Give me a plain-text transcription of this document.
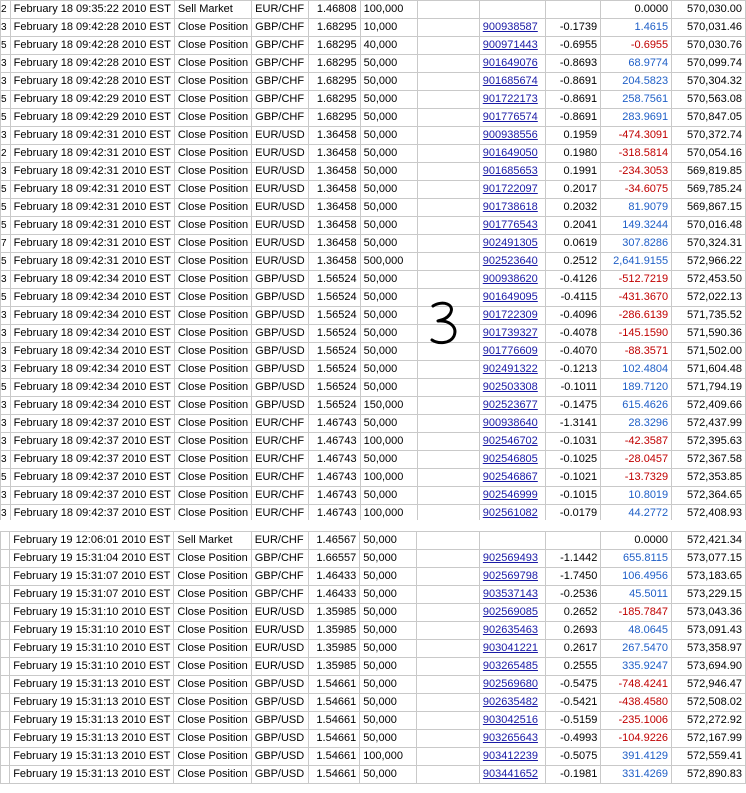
2	February 18 09:35:22 2010 EST	Sell Market	EUR/CHF	1.46808	100,000				0.0000	570,030.00
3	February 18 09:42:28 2010 EST	Close Position	GBP/CHF	1.68295	10,000		900938587	-0.1739	1.4615	570,031.46
5	February 18 09:42:28 2010 EST	Close Position	GBP/CHF	1.68295	40,000		900971443	-0.6955	-0.6955	570,030.76
3	February 18 09:42:28 2010 EST	Close Position	GBP/CHF	1.68295	50,000		901649076	-0.8693	68.9774	570,099.74
3	February 18 09:42:28 2010 EST	Close Position	GBP/CHF	1.68295	50,000		901685674	-0.8691	204.5823	570,304.32
5	February 18 09:42:29 2010 EST	Close Position	GBP/CHF	1.68295	50,000		901722173	-0.8691	258.7561	570,563.08
5	February 18 09:42:29 2010 EST	Close Position	GBP/CHF	1.68295	50,000		901776574	-0.8691	283.9691	570,847.05
3	February 18 09:42:31 2010 EST	Close Position	EUR/USD	1.36458	50,000		900938556	0.1959	-474.3091	570,372.74
2	February 18 09:42:31 2010 EST	Close Position	EUR/USD	1.36458	50,000		901649050	0.1980	-318.5814	570,054.16
3	February 18 09:42:31 2010 EST	Close Position	EUR/USD	1.36458	50,000		901685653	0.1991	-234.3053	569,819.85
5	February 18 09:42:31 2010 EST	Close Position	EUR/USD	1.36458	50,000		901722097	0.2017	-34.6075	569,785.24
5	February 18 09:42:31 2010 EST	Close Position	EUR/USD	1.36458	50,000		901738618	0.2032	81.9079	569,867.15
5	February 18 09:42:31 2010 EST	Close Position	EUR/USD	1.36458	50,000		901776543	0.2041	149.3244	570,016.48
7	February 18 09:42:31 2010 EST	Close Position	EUR/USD	1.36458	50,000		902491305	0.0619	307.8286	570,324.31
5	February 18 09:42:31 2010 EST	Close Position	EUR/USD	1.36458	500,000		902523640	0.2512	2,641.9155	572,966.22
3	February 18 09:42:34 2010 EST	Close Position	GBP/USD	1.56524	50,000		900938620	-0.4126	-512.7219	572,453.50
5	February 18 09:42:34 2010 EST	Close Position	GBP/USD	1.56524	50,000		901649095	-0.4115	-431.3670	572,022.13
3	February 18 09:42:34 2010 EST	Close Position	GBP/USD	1.56524	50,000		901722309	-0.4096	-286.6139	571,735.52
3	February 18 09:42:34 2010 EST	Close Position	GBP/USD	1.56524	50,000		901739327	-0.4078	-145.1590	571,590.36
3	February 18 09:42:34 2010 EST	Close Position	GBP/USD	1.56524	50,000		901776609	-0.4070	-88.3571	571,502.00
3	February 18 09:42:34 2010 EST	Close Position	GBP/USD	1.56524	50,000		902491322	-0.1213	102.4804	571,604.48
5	February 18 09:42:34 2010 EST	Close Position	GBP/USD	1.56524	50,000		902503308	-0.1011	189.7120	571,794.19
3	February 18 09:42:34 2010 EST	Close Position	GBP/USD	1.56524	150,000		902523677	-0.1475	615.4626	572,409.66
3	February 18 09:42:37 2010 EST	Close Position	EUR/CHF	1.46743	50,000		900938640	-1.3141	28.3296	572,437.99
3	February 18 09:42:37 2010 EST	Close Position	EUR/CHF	1.46743	100,000		902546702	-0.1031	-42.3587	572,395.63
3	February 18 09:42:37 2010 EST	Close Position	EUR/CHF	1.46743	50,000		902546805	-0.1025	-28.0457	572,367.58
5	February 18 09:42:37 2010 EST	Close Position	EUR/CHF	1.46743	100,000		902546867	-0.1021	-13.7329	572,353.85
3	February 18 09:42:37 2010 EST	Close Position	EUR/CHF	1.46743	50,000		902546999	-0.1015	10.8019	572,364.65
3	February 18 09:42:37 2010 EST	Close Position	EUR/CHF	1.46743	100,000		902561082	-0.0179	44.2772	572,408.93
	February 19 12:06:01 2010 EST	Sell Market	EUR/CHF	1.46567	50,000				0.0000	572,421.34
	February 19 15:31:04 2010 EST	Close Position	GBP/CHF	1.66557	50,000		902569493	-1.1442	655.8115	573,077.15
	February 19 15:31:07 2010 EST	Close Position	GBP/CHF	1.46433	50,000		902569798	-1.7450	106.4956	573,183.65
	February 19 15:31:07 2010 EST	Close Position	GBP/CHF	1.46433	50,000		903537143	-0.2536	45.5011	573,229.15
	February 19 15:31:10 2010 EST	Close Position	EUR/USD	1.35985	50,000		902569085	0.2652	-185.7847	573,043.36
	February 19 15:31:10 2010 EST	Close Position	EUR/USD	1.35985	50,000		902635463	0.2693	48.0645	573,091.43
	February 19 15:31:10 2010 EST	Close Position	EUR/USD	1.35985	50,000		903041221	0.2617	267.5470	573,358.97
	February 19 15:31:10 2010 EST	Close Position	EUR/USD	1.35985	50,000		903265485	0.2555	335.9247	573,694.90
	February 19 15:31:13 2010 EST	Close Position	GBP/USD	1.54661	50,000		902569680	-0.5475	-748.4241	572,946.47
	February 19 15:31:13 2010 EST	Close Position	GBP/USD	1.54661	50,000		902635482	-0.5421	-438.4580	572,508.02
	February 19 15:31:13 2010 EST	Close Position	GBP/USD	1.54661	50,000		903042516	-0.5159	-235.1006	572,272.92
	February 19 15:31:13 2010 EST	Close Position	GBP/USD	1.54661	50,000		903265643	-0.4993	-104.9226	572,167.99
	February 19 15:31:13 2010 EST	Close Position	GBP/USD	1.54661	100,000		903412239	-0.5075	391.4129	572,559.41
	February 19 15:31:13 2010 EST	Close Position	GBP/USD	1.54661	50,000		903441652	-0.1981	331.4269	572,890.83
3
